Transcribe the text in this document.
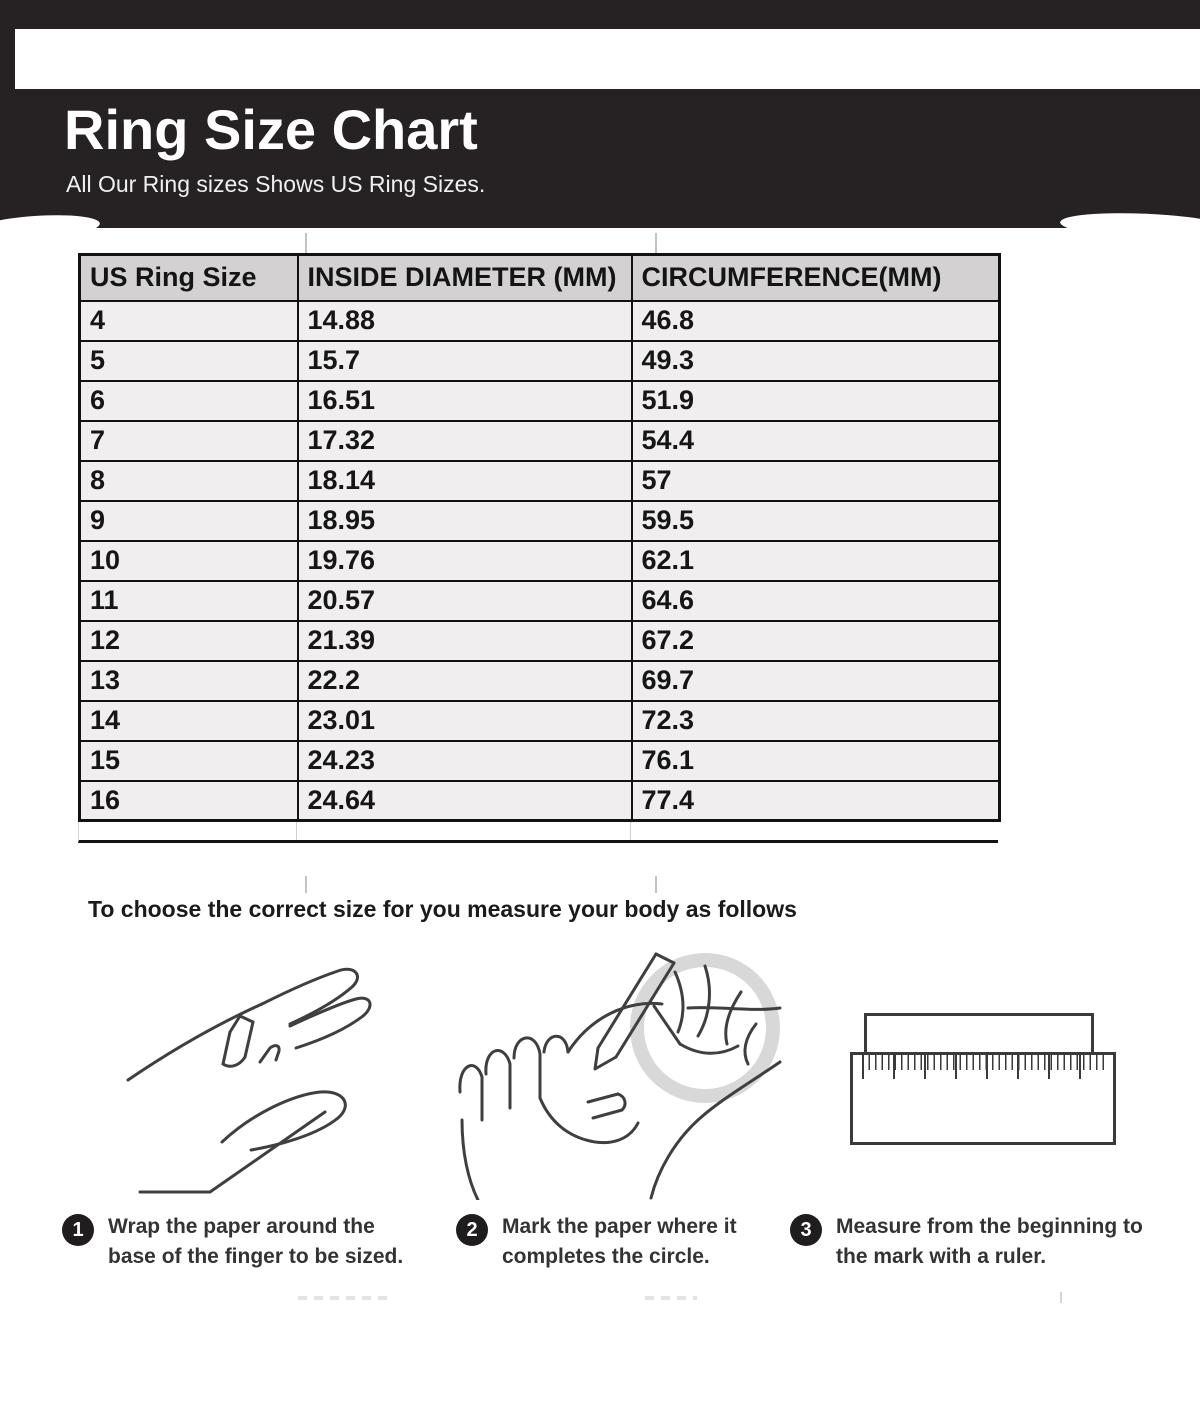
Ring Size Chart
All Our Ring sizes Shows US Ring Sizes.
US Ring Size	INSIDE DIAMETER (MM)	CIRCUMFERENCE(MM)
4	14.88	46.8
5	15.7	49.3
6	16.51	51.9
7	17.32	54.4
8	18.14	57
9	18.95	59.5
10	19.76	62.1
11	20.57	64.6
12	21.39	67.2
13	22.2	69.7
14	23.01	72.3
15	24.23	76.1
16	24.64	77.4
To choose the correct size for you measure your body as follows
1	Wrap the paper around the
base of the finger to be sized.
2	Mark the paper where it
completes the circle.
3	Measure from the beginning to
the mark with a ruler.
